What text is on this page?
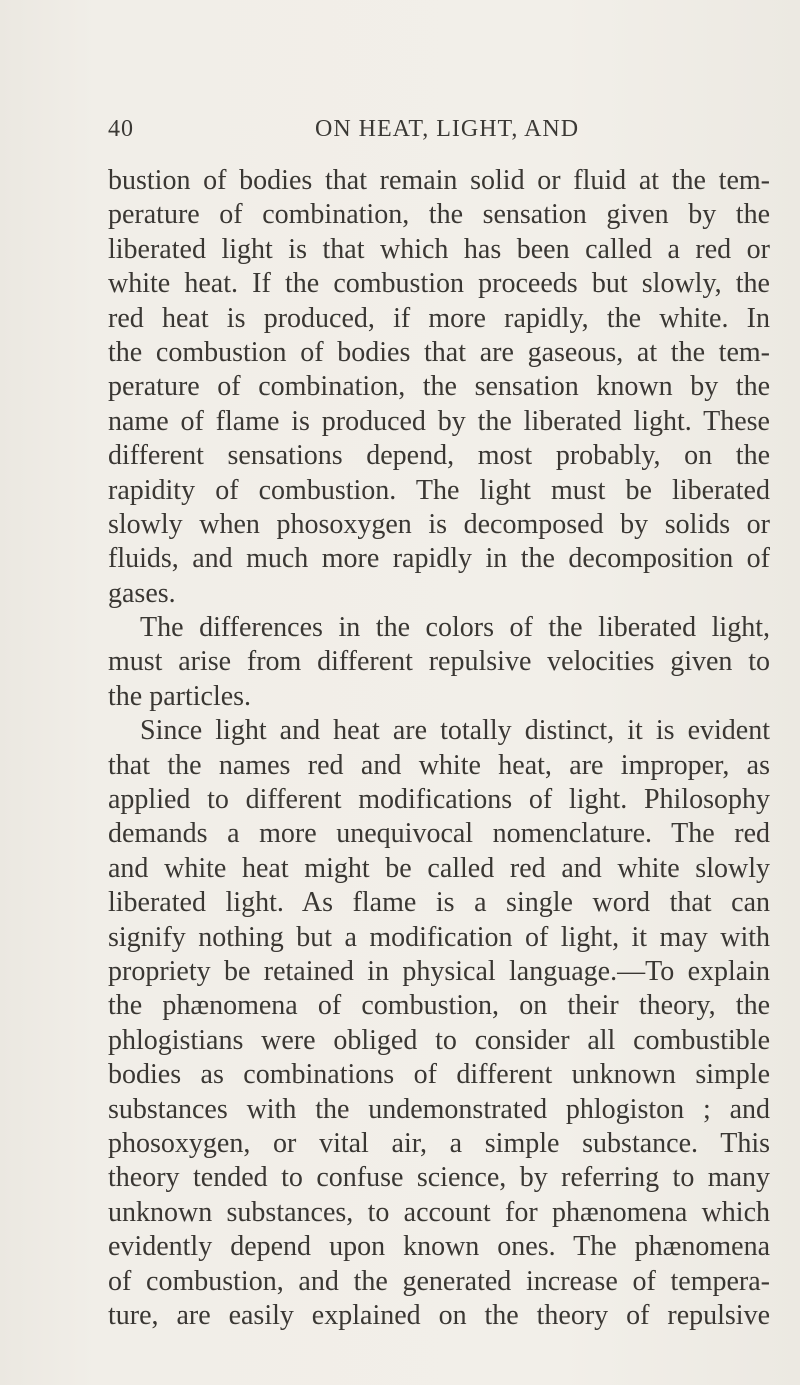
40	ON HEAT, LIGHT, AND
bustion of bodies that remain solid or fluid at the tem-
perature of combination, the sensation given by the
liberated light is that which has been called a red or
white heat. If the combustion proceeds but slowly, the
red heat is produced, if more rapidly, the white. In
the combustion of bodies that are gaseous, at the tem-
perature of combination, the sensation known by the
name of flame is produced by the liberated light. These
different sensations depend, most probably, on the
rapidity of combustion. The light must be liberated
slowly when phosoxygen is decomposed by solids or
fluids, and much more rapidly in the decomposition of
gases.
The differences in the colors of the liberated light,
must arise from different repulsive velocities given to
the particles.
Since light and heat are totally distinct, it is evident
that the names red and white heat, are improper, as
applied to different modifications of light. Philosophy
demands a more unequivocal nomenclature. The red
and white heat might be called red and white slowly
liberated light. As flame is a single word that can
signify nothing but a modification of light, it may with
propriety be retained in physical language.—To explain
the phænomena of combustion, on their theory, the
phlogistians were obliged to consider all combustible
bodies as combinations of different unknown simple
substances with the undemonstrated phlogiston ; and
phosoxygen, or vital air, a simple substance. This
theory tended to confuse science, by referring to many
unknown substances, to account for phænomena which
evidently depend upon known ones. The phænomena
of combustion, and the generated increase of tempera-
ture, are easily explained on the theory of repulsive
